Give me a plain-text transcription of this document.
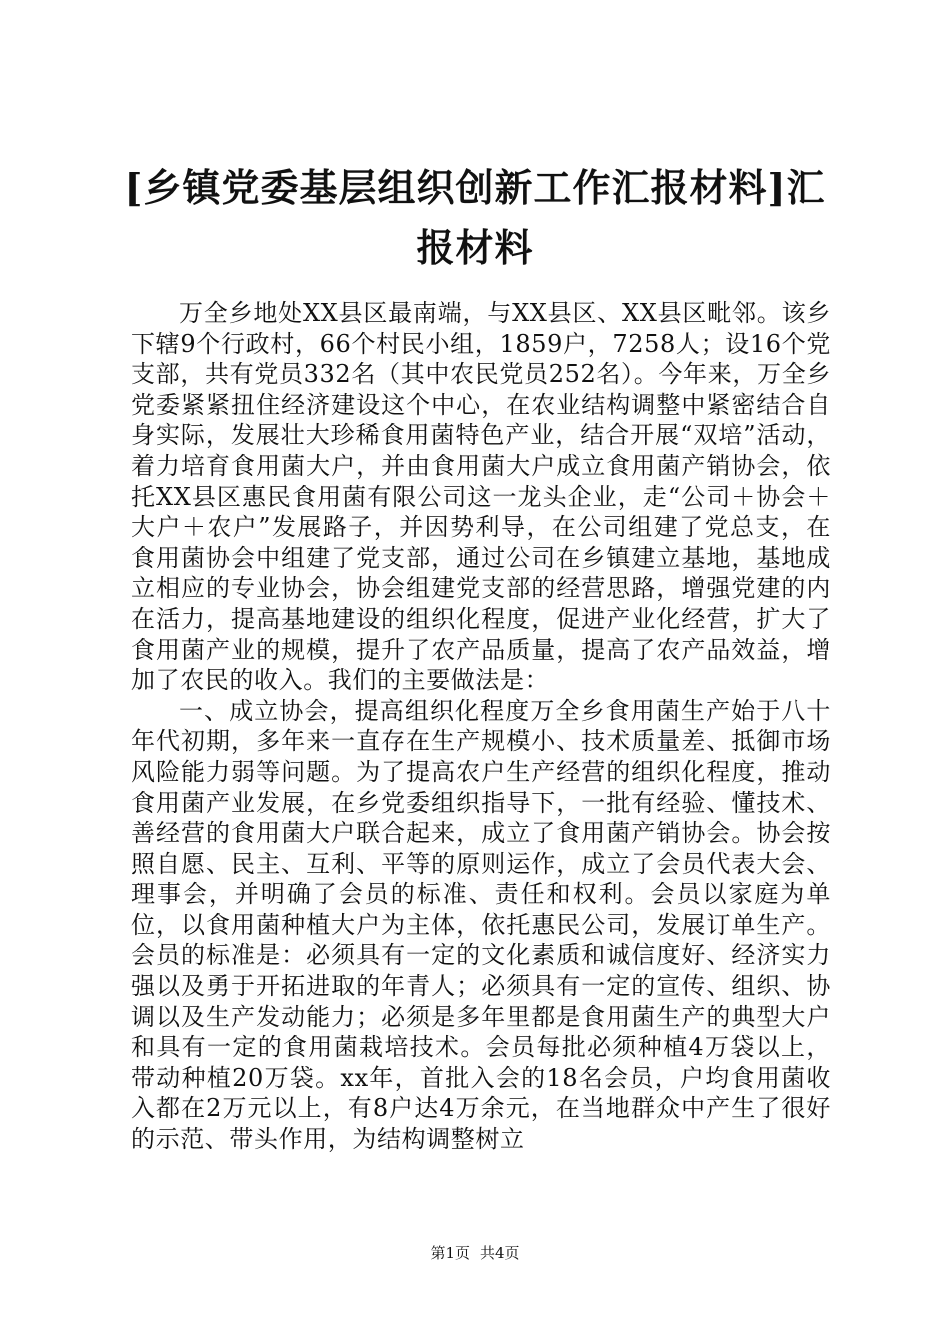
[乡镇党委基层组织创新工作汇报材料]汇报材料

万全乡地处XX县区最南端，与XX县区、XX县区毗邻。该乡下辖9个行政村，66个村民小组，1859户，7258人；设16个党支部，共有党员332名（其中农民党员252名）。今年来，万全乡党委紧紧扭住经济建设这个中心，在农业结构调整中紧密结合自身实际，发展壮大珍稀食用菌特色产业，结合开展“双培”活动，着力培育食用菌大户，并由食用菌大户成立食用菌产销协会，依托XX县区惠民食用菌有限公司这一龙头企业，走“公司＋协会＋大户＋农户”发展路子，并因势利导，在公司组建了党总支，在食用菌协会中组建了党支部，通过公司在乡镇建立基地，基地成立相应的专业协会，协会组建党支部的经营思路，增强党建的内在活力，提高基地建设的组织化程度，促进产业化经营，扩大了食用菌产业的规模，提升了农产品质量，提高了农产品效益，增加了农民的收入。我们的主要做法是：

一、成立协会，提高组织化程度万全乡食用菌生产始于八十年代初期，多年来一直存在生产规模小、技术质量差、抵御市场风险能力弱等问题。为了提高农户生产经营的组织化程度，推动食用菌产业发展，在乡党委组织指导下，一批有经验、懂技术、善经营的食用菌大户联合起来，成立了食用菌产销协会。协会按照自愿、民主、互利、平等的原则运作，成立了会员代表大会、理事会，并明确了会员的标准、责任和权利。会员以家庭为单位，以食用菌种植大户为主体，依托惠民公司，发展订单生产。会员的标准是：必须具有一定的文化素质和诚信度好、经济实力强以及勇于开拓进取的年青人；必须具有一定的宣传、组织、协调以及生产发动能力；必须是多年里都是食用菌生产的典型大户和具有一定的食用菌栽培技术。会员每批必须种植4万袋以上，带动种植20万袋。xx年，首批入会的18名会员，户均食用菌收入都在2万元以上，有8户达4万余元，在当地群众中产生了很好的示范、带头作用，为结构调整树立

第1页 共4页
